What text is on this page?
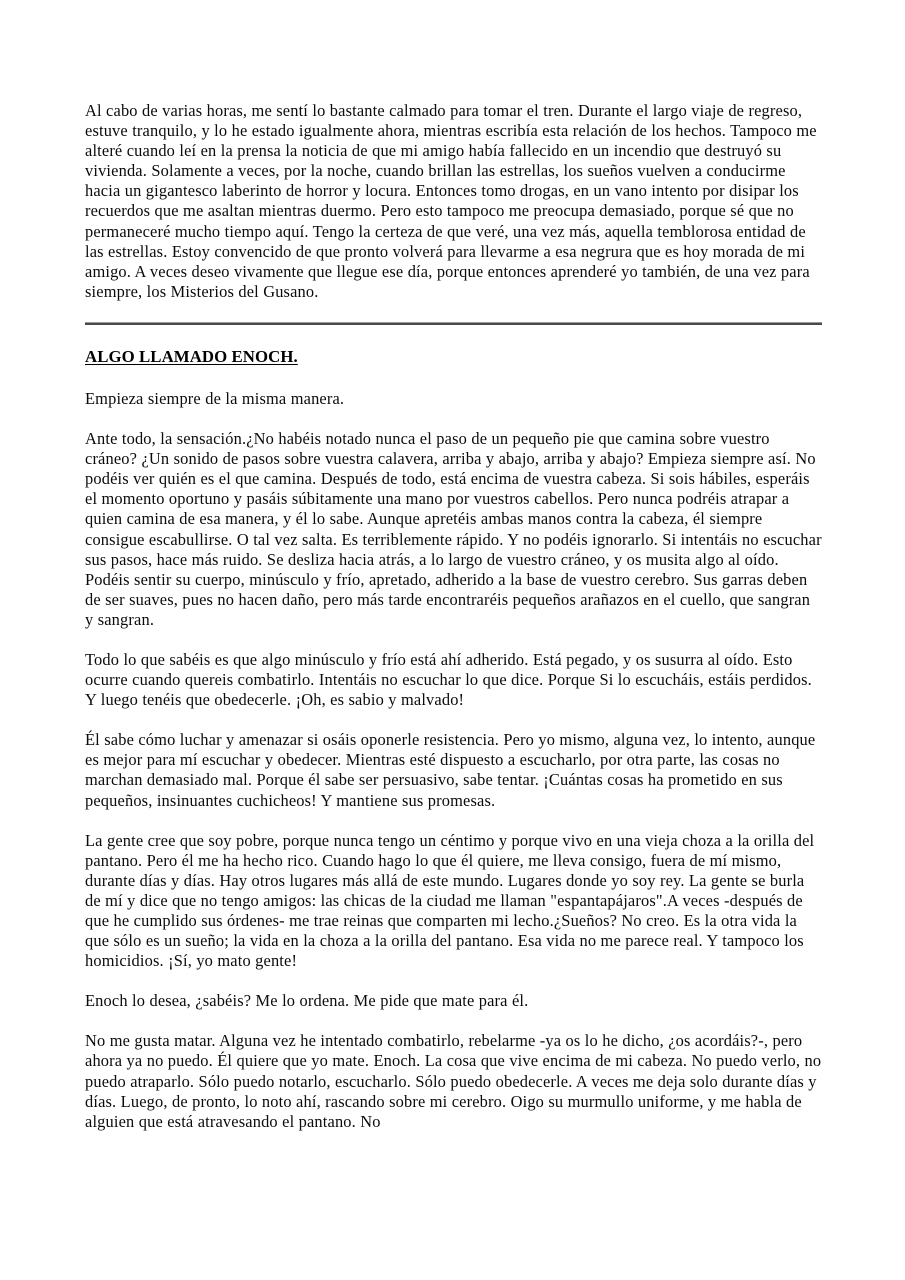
Al cabo de varias horas, me sentí lo bastante calmado para tomar el tren. Durante el largo viaje de regreso, estuve tranquilo, y lo he estado igualmente ahora, mientras escribía esta relación de los hechos. Tampoco me alteré cuando leí en la prensa la noticia de que mi amigo había fallecido en un incendio que destruyó su vivienda. Solamente a veces, por la noche, cuando brillan las estrellas, los sueños vuelven a conducirme hacia un gigantesco laberinto de horror y locura. Entonces tomo drogas, en un vano intento por disipar los recuerdos que me asaltan mientras duermo. Pero esto tampoco me preocupa demasiado, porque sé que no permaneceré mucho tiempo aquí. Tengo la certeza de que veré, una vez más, aquella temblorosa entidad de las estrellas. Estoy convencido de que pronto volverá para llevarme a esa negrura que es hoy morada de mi amigo. A veces deseo vivamente que llegue ese día, porque entonces aprenderé yo también, de una vez para siempre, los Misterios del Gusano.

ALGO LLAMADO ENOCH.

Empieza siempre de la misma manera.

Ante todo, la sensación.¿No habéis notado nunca el paso de un pequeño pie que camina sobre vuestro cráneo? ¿Un sonido de pasos sobre vuestra calavera, arriba y abajo, arriba y abajo? Empieza siempre así. No podéis ver quién es el que camina. Después de todo, está encima de vuestra cabeza. Si sois hábiles, esperáis el momento oportuno y pasáis súbitamente una mano por vuestros cabellos. Pero nunca podréis atrapar a quien camina de esa manera, y él lo sabe. Aunque apretéis ambas manos contra la cabeza, él siempre consigue escabullirse. O tal vez salta. Es terriblemente rápido. Y no podéis ignorarlo. Si intentáis no escuchar sus pasos, hace más ruido. Se desliza hacia atrás, a lo largo de vuestro cráneo, y os musita algo al oído. Podéis sentir su cuerpo, minúsculo y frío, apretado, adherido a la base de vuestro cerebro. Sus garras deben de ser suaves, pues no hacen daño, pero más tarde encontraréis pequeños arañazos en el cuello, que sangran y sangran.

Todo lo que sabéis es que algo minúsculo y frío está ahí adherido. Está pegado, y os susurra al oído. Esto ocurre cuando quereis combatirlo. Intentáis no escuchar lo que dice. Porque Si lo escucháis, estáis perdidos. Y luego tenéis que obedecerle. ¡Oh, es sabio y malvado!

Él sabe cómo luchar y amenazar si osáis oponerle resistencia. Pero yo mismo, alguna vez, lo intento, aunque es mejor para mí escuchar y obedecer. Mientras esté dispuesto a escucharlo, por otra parte, las cosas no marchan demasiado mal. Porque él sabe ser persuasivo, sabe tentar. ¡Cuántas cosas ha prometido en sus pequeños, insinuantes cuchicheos! Y mantiene sus promesas.

La gente cree que soy pobre, porque nunca tengo un céntimo y porque vivo en una vieja choza a la orilla del pantano. Pero él me ha hecho rico. Cuando hago lo que él quiere, me lleva consigo, fuera de mí mismo, durante días y días. Hay otros lugares más allá de este mundo. Lugares donde yo soy rey. La gente se burla de mí y dice que no tengo amigos: las chicas de la ciudad me llaman "espantapájaros".A veces -después de que he cumplido sus órdenes- me trae reinas que comparten mi lecho.¿Sueños? No creo. Es la otra vida la que sólo es un sueño; la vida en la choza a la orilla del pantano. Esa vida no me parece real. Y tampoco los homicidios. ¡Sí, yo mato gente!

Enoch lo desea, ¿sabéis? Me lo ordena. Me pide que mate para él.

No me gusta matar. Alguna vez he intentado combatirlo, rebelarme -ya os lo he dicho, ¿os acordáis?-, pero ahora ya no puedo. Él quiere que yo mate. Enoch. La cosa que vive encima de mi cabeza. No puedo verlo, no puedo atraparlo. Sólo puedo notarlo, escucharlo. Sólo puedo obedecerle. A veces me deja solo durante días y días. Luego, de pronto, lo noto ahí, rascando sobre mi cerebro. Oigo su murmullo uniforme, y me habla de alguien que está atravesando el pantano. No
